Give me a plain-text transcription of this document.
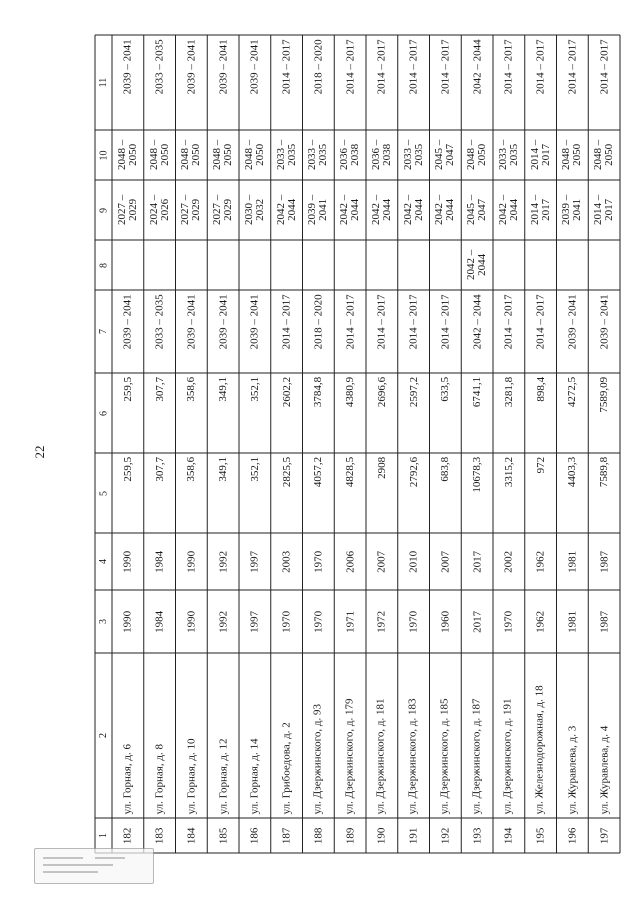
22
1
2
3
4
5
6
7
8
9
10
11
182
ул. Горная, д. 6
1990
1990
259,5
259,5
2039 – 2041
2027 – 2029
2048 – 2050
2039 – 2041
183
ул. Горная, д. 8
1984
1984
307,7
307,7
2033 – 2035
2024 – 2026
2048 – 2050
2033 – 2035
184
ул. Горная, д. 10
1990
1990
358,6
358,6
2039 – 2041
2027 – 2029
2048 – 2050
2039 – 2041
185
ул. Горная, д. 12
1992
1992
349,1
349,1
2039 – 2041
2027 – 2029
2048 – 2050
2039 – 2041
186
ул. Горная, д. 14
1997
1997
352,1
352,1
2039 – 2041
2030 – 2032
2048 – 2050
2039 – 2041
187
ул. Грибоедова, д. 2
1970
2003
2825,5
2602,2
2014 – 2017
2042 – 2044
2033 – 2035
2014 – 2017
188
ул. Дзержинского, д. 93
1970
1970
4057,2
3784,8
2018 – 2020
2039 – 2041
2033 – 2035
2018 – 2020
189
ул. Дзержинского, д. 179
1971
2006
4828,5
4380,9
2014 – 2017
2042 – 2044
2036 – 2038
2014 – 2017
190
ул. Дзержинского, д. 181
1972
2007
2908
2696,6
2014 – 2017
2042 – 2044
2036 – 2038
2014 – 2017
191
ул. Дзержинского, д. 183
1970
2010
2792,6
2597,2
2014 – 2017
2042 – 2044
2033 – 2035
2014 – 2017
192
ул. Дзержинского, д. 185
1960
2007
683,8
633,5
2014 – 2017
2042 – 2044
2045 – 2047
2014 – 2017
193
ул. Дзержинского, д. 187
2017
2017
10678,3
6741,1
2042 – 2044
2042 – 2044
2045 – 2047
2048 – 2050
2042 – 2044
194
ул. Дзержинского, д. 191
1970
2002
3315,2
3281,8
2014 – 2017
2042 – 2044
2033 – 2035
2014 – 2017
195
ул. Железнодорожная, д. 18
1962
1962
972
898,4
2014 – 2017
2014 – 2017
2014 – 2017
2014 – 2017
196
ул. Журавлева, д. 3
1981
1981
4403,3
4272,5
2039 – 2041
2039 – 2041
2048 – 2050
2014 – 2017
197
ул. Журавлева, д. 4
1987
1987
7589,8
7589,09
2039 – 2041
2014 – 2017
2048 – 2050
2014 – 2017
